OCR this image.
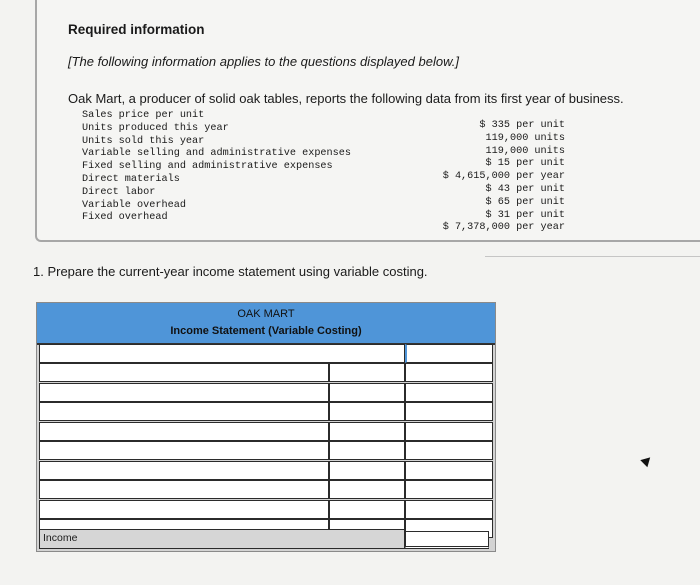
Required information
[The following information applies to the questions displayed below.]
Oak Mart, a producer of solid oak tables, reports the following data from its first year of business.
Sales price per unit
Units produced this year
Units sold this year
Variable selling and administrative expenses
Fixed selling and administrative expenses
Direct materials
Direct labor
Variable overhead
Fixed overhead
$ 335 per unit
119,000 units
119,000 units
$ 15 per unit
$ 4,615,000 per year
$ 43 per unit
$ 65 per unit
$ 31 per unit
$ 7,378,000 per year
1. Prepare the current-year income statement using variable costing.
OAK MART
Income Statement (Variable Costing)
Income
